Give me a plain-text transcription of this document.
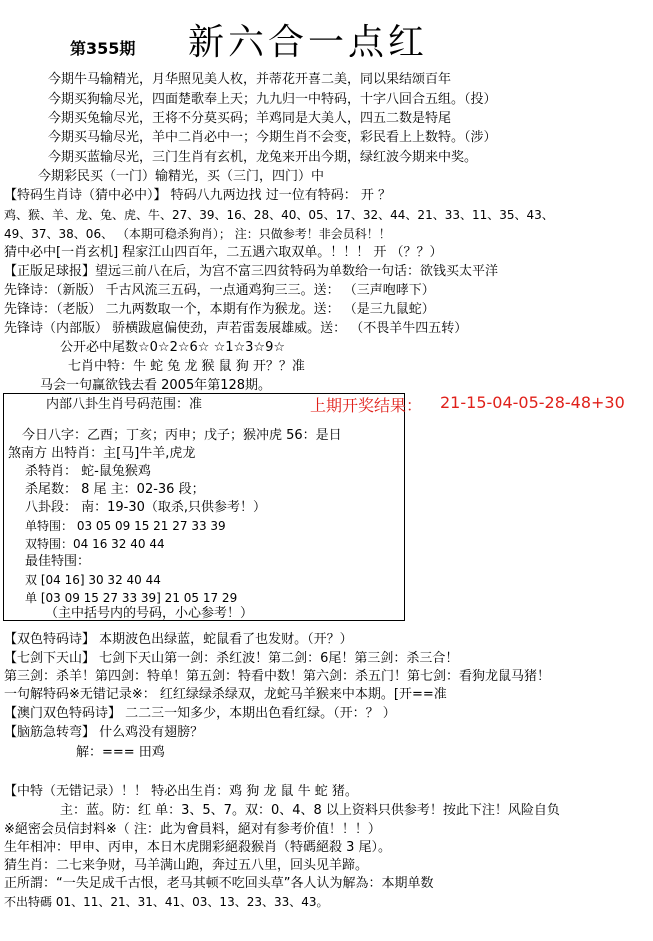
第355期 新六合一点红
今期牛马输精光，月华照见美人枚，并蒂花开喜二美，同以果结颂百年
今期买狗输尽光，四面楚歌奉上天；九九归一中特码，十字八回合五组。（投）
今期买兔输尽光，王将不分莫买码；羊鸡同是大美人，四五二数是特尾
今期买马输尽光，羊中二肖必中一；今期生肖不会变，彩民看上上数特。（涉）
今期买蓝输尽光，三门生肖有玄机，龙兔来开出今期，绿红波今期来中奖。
今期彩民买（一门）输精光，买（三门，四门）中
【特码生肖诗（猜中必中）】 特码八九两边找 过一位有特码： 开 ？
鸡、猴、羊、龙、兔、虎、牛、27、39、16、28、40、05、17、32、44、21、33、11、35、43、
49、37、38、06、 （本期可稳杀狗肖）； 注：只做参考！非会员科！！
猜中必中[一肖玄机] 程家江山四百年，二五遇六取双单。！！！ 开 （？？）
【正版足球报】望远三前八在后，为宫不富三四贫特码为单数给一句话：欲钱买太平洋
先锋诗：（新版） 千古风流三五码，一点通鸡狗三三。送： （三声咆哮下）
先锋诗：（老版） 二九两数取一个，本期有作为猴龙。送： （是三九鼠蛇）
先锋诗（内部版） 骄横跋扈偏使劲，声若雷轰展雄威。送： （不畏羊牛四五转）
公开必中尾数☆0☆2☆6☆ ☆1☆3☆9☆
七肖中特：牛 蛇 兔 龙 猴 鼠 狗 开？？准
马会一句赢欲钱去看 2005年第128期。
内部八卦生肖号码范围：准	上期开奖结果： 21-15-04-05-28-48+30
今日八字：乙酉；丁亥；丙申；戊子；猴冲虎 56：是日
煞南方 出特肖：主[马]牛羊,虎龙
杀特肖： 蛇-鼠兔猴鸡
杀尾数： 8 尾 主：02-36 段；
八卦段： 南：19-30（取杀,只供参考！）
单特围： 03 05 09 15 21 27 33 39
双特围：04 16 32 40 44
最佳特围：
双 [04 16] 30 32 40 44
单 [03 09 15 27 33 39] 21 05 17 29
（主中括号内的号码，小心参考！）
【双色特码诗】 本期波色出绿蓝，蛇鼠看了也发财。（开？）
【七剑下天山】 七剑下天山第一剑：杀红波！第二剑：6尾！第三剑：杀三合！
第三剑：杀羊！第四剑：特单！第五剑：特看中数！第六剑：杀五门！第七剑：看狗龙鼠马猪！
一句解特码※无错记录※： 红红绿绿杀绿双，龙蛇马羊猴来中本期。[开==准
【澳门双色特码诗】 二二三一知多少，本期出色看红绿。（开：？ ）
【脑筋急转弯】 什么鸡没有翅膀？
解：=== 田鸡
【中特（无错记录）！！ 特必出生肖：鸡 狗 龙 鼠 牛 蛇 猪。
主：蓝。防：红 单：3、5、7。双：0、4、8 以上资料只供参考！按此下注！风险自负
※絕密会员信封料※（ 注：此为會員料，絕对有参考价值！！！）
生年相冲：甲申、丙申，本日木虎開彩絕殺猴肖（特碼絕殺 3 尾）。
猜生肖：二七来争财，马羊满山跑，奔过五八里，回头见羊蹄。
正所謂：“一失足成千古恨，老马其顿不吃回头草”各人认为解為：本期单数
不出特碼 01、11、21、31、41、03、13、23、33、43。
